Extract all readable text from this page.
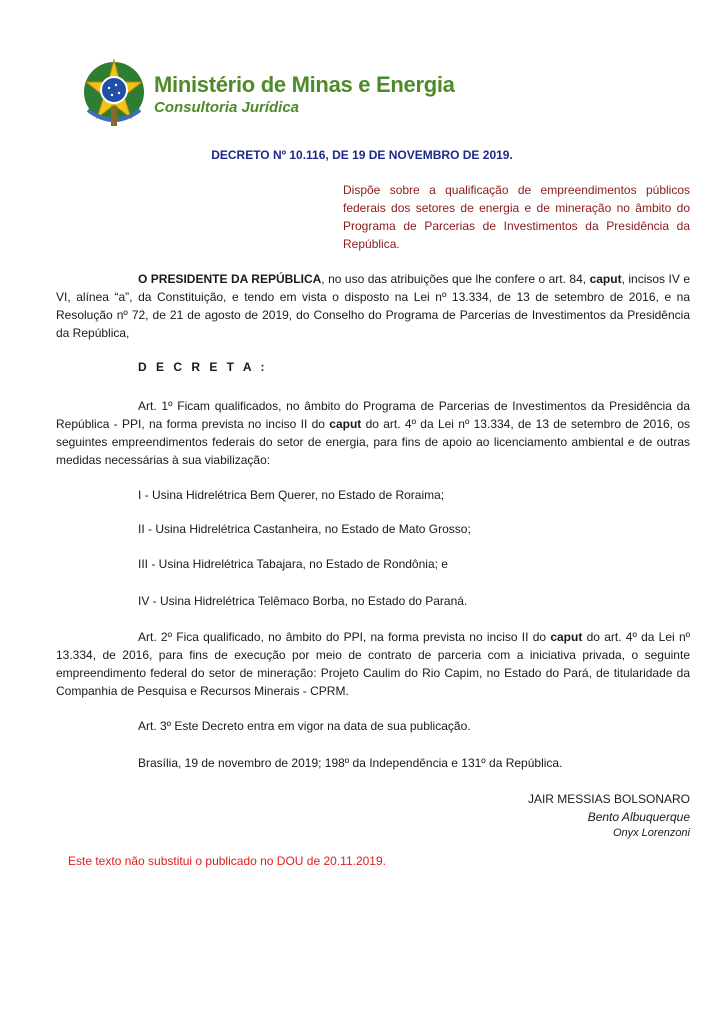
Ministério de Minas e Energia
Consultoria Jurídica
DECRETO Nº 10.116, DE 19 DE NOVEMBRO DE 2019.
Dispõe sobre a qualificação de empreendimentos públicos federais dos setores de energia e de mineração no âmbito do Programa de Parcerias de Investimentos da Presidência da República.
O PRESIDENTE DA REPÚBLICA, no uso das atribuições que lhe confere o art. 84, caput, incisos IV e VI, alínea “a”, da Constituição, e tendo em vista o disposto na Lei nº 13.334, de 13 de setembro de 2016, e na Resolução nº 72, de 21 de agosto de 2019, do Conselho do Programa de Parcerias de Investimentos da Presidência da República,
D E C R E T A :
Art. 1º Ficam qualificados, no âmbito do Programa de Parcerias de Investimentos da Presidência da República - PPI, na forma prevista no inciso II do caput do art. 4º da Lei nº 13.334, de 13 de setembro de 2016, os seguintes empreendimentos federais do setor de energia, para fins de apoio ao licenciamento ambiental e de outras medidas necessárias à sua viabilização:
I - Usina Hidrelétrica Bem Querer, no Estado de Roraima;
II - Usina Hidrelétrica Castanheira, no Estado de Mato Grosso;
III - Usina Hidrelétrica Tabajara, no Estado de Rondônia; e
IV - Usina Hidrelétrica Telêmaco Borba, no Estado do Paraná.
Art. 2º Fica qualificado, no âmbito do PPI, na forma prevista no inciso II do caput do art. 4º da Lei nº 13.334, de 2016, para fins de execução por meio de contrato de parceria com a iniciativa privada, o seguinte empreendimento federal do setor de mineração: Projeto Caulim do Rio Capim, no Estado do Pará, de titularidade da Companhia de Pesquisa e Recursos Minerais - CPRM.
Art. 3º Este Decreto entra em vigor na data de sua publicação.
Brasília, 19 de novembro de 2019; 198º da Independência e 131º da República.
JAIR MESSIAS BOLSONARO
Bento Albuquerque
Onyx Lorenzoni
Este texto não substitui o publicado no DOU de 20.11.2019.
